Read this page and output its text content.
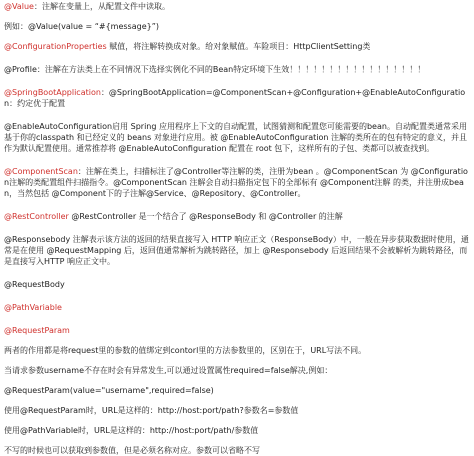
@Value：注解在变量上，从配置文件中读取。

例如：@Value(value = “#{message}”)

@ConfigurationProperties 赋值，将注解转换成对象。给对象赋值。车险项目：HttpClientSetting类

@Profile：注解在方法类上在不同情况下选择实例化不同的Bean特定环境下生效！！！！！！！！！！！！！！！！！

@SpringBootApplication：@SpringBootApplication=@ComponentScan+@Configuration+@EnableAutoConfiguration：约定优于配置

@EnableAutoConfiguration启用 Spring 应用程序上下文的自动配置，试图猜测和配置您可能需要的bean。自动配置类通常采用基于你的classpath 和已经定义的 beans 对象进行应用。被 @EnableAutoConfiguration 注解的类所在的包有特定的意义，并且作为默认配置使用。通常推荐将 @EnableAutoConfiguration 配置在 root 包下，这样所有的子包、类都可以被查找到。

@ComponentScan：注解在类上，扫描标注了@Controller等注解的类，注册为bean 。@ComponentScan 为 @Configuration注解的类配置组件扫描指令。@ComponentScan 注解会自动扫描指定包下的全部标有 @Component注解 的类，并注册成bean，当然包括 @Component下的子注解@Service、@Repository、@Controller。

@RestController @RestController 是一个结合了 @ResponseBody 和 @Controller 的注解

@Responsebody 注解表示该方法的返回的结果直接写入 HTTP 响应正文（ResponseBody）中，一般在异步获取数据时使用，通常是在使用 @RequestMapping 后，返回值通常解析为跳转路径，加上 @Responsebody 后返回结果不会被解析为跳转路径，而是直接写入HTTP 响应正文中。

@RequestBody

@PathVariable

@RequestParam

两者的作用都是将request里的参数的值绑定到contorl里的方法参数里的，区别在于，URL写法不同。

当请求参数username不存在时会有异常发生,可以通过设置属性required=false解决,例如：

@RequestParam(value="username",required=false)

使用@RequestParam时，URL是这样的：http://host:port/path?参数名=参数值

使用@PathVariable时，URL是这样的：http://host:port/path/参数值

不写的时候也可以获取到参数值，但是必须名称对应。参数可以省略不写
